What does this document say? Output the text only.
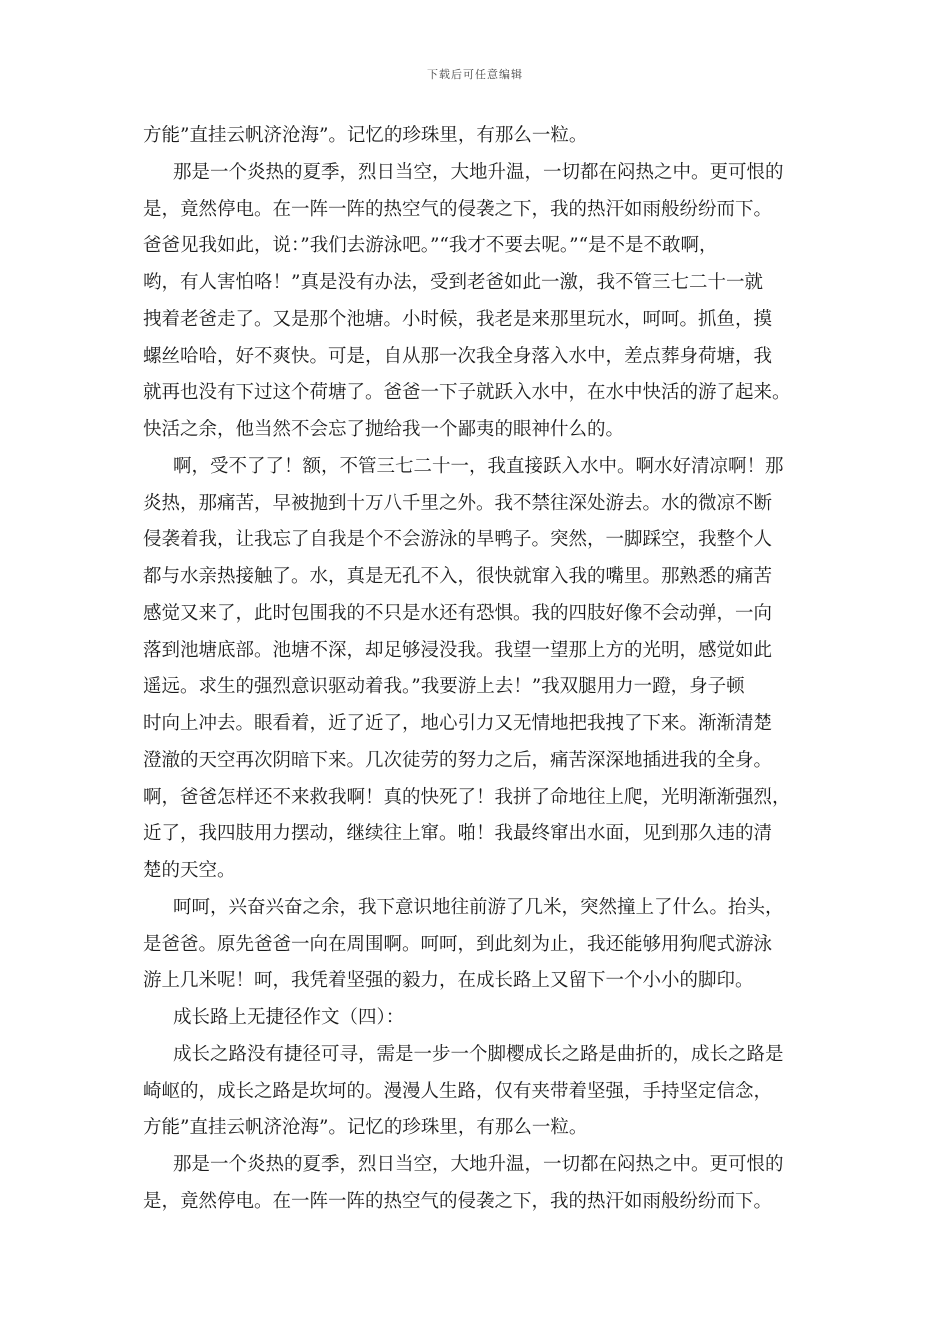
下载后可任意编辑
方能”直挂云帆济沧海”。记忆的珍珠里，有那么一粒。
那是一个炎热的夏季，烈日当空，大地升温，一切都在闷热之中。更可恨的
是，竟然停电。在一阵一阵的热空气的侵袭之下，我的热汗如雨般纷纷而下。
爸爸见我如此，说：”我们去游泳吧。”“我才不要去呢。”“是不是不敢啊，
哟，有人害怕咯！”真是没有办法，受到老爸如此一激，我不管三七二十一就
拽着老爸走了。又是那个池塘。小时候，我老是来那里玩水，呵呵。抓鱼，摸
螺丝哈哈，好不爽快。可是，自从那一次我全身落入水中，差点葬身荷塘，我
就再也没有下过这个荷塘了。爸爸一下子就跃入水中，在水中快活的游了起来。
快活之余，他当然不会忘了抛给我一个鄙夷的眼神什么的。
啊，受不了了！额，不管三七二十一，我直接跃入水中。啊水好清凉啊！那
炎热，那痛苦，早被抛到十万八千里之外。我不禁往深处游去。水的微凉不断
侵袭着我，让我忘了自我是个不会游泳的旱鸭子。突然，一脚踩空，我整个人
都与水亲热接触了。水，真是无孔不入，很快就窜入我的嘴里。那熟悉的痛苦
感觉又来了，此时包围我的不只是水还有恐惧。我的四肢好像不会动弹，一向
落到池塘底部。池塘不深，却足够浸没我。我望一望那上方的光明，感觉如此
遥远。求生的强烈意识驱动着我。”我要游上去！”我双腿用力一蹬，身子顿
时向上冲去。眼看着，近了近了，地心引力又无情地把我拽了下来。渐渐清楚
澄澈的天空再次阴暗下来。几次徒劳的努力之后，痛苦深深地插进我的全身。
啊，爸爸怎样还不来救我啊！真的快死了！我拼了命地往上爬，光明渐渐强烈，
近了，我四肢用力摆动，继续往上窜。啪！我最终窜出水面，见到那久违的清
楚的天空。
呵呵，兴奋兴奋之余，我下意识地往前游了几米，突然撞上了什么。抬头，
是爸爸。原先爸爸一向在周围啊。呵呵，到此刻为止，我还能够用狗爬式游泳
游上几米呢！呵，我凭着坚强的毅力，在成长路上又留下一个小小的脚印。
成长路上无捷径作文（四）：
成长之路没有捷径可寻，需是一步一个脚樱成长之路是曲折的，成长之路是
崎岖的，成长之路是坎坷的。漫漫人生路，仅有夹带着坚强，手持坚定信念，
方能”直挂云帆济沧海”。记忆的珍珠里，有那么一粒。
那是一个炎热的夏季，烈日当空，大地升温，一切都在闷热之中。更可恨的
是，竟然停电。在一阵一阵的热空气的侵袭之下，我的热汗如雨般纷纷而下。
